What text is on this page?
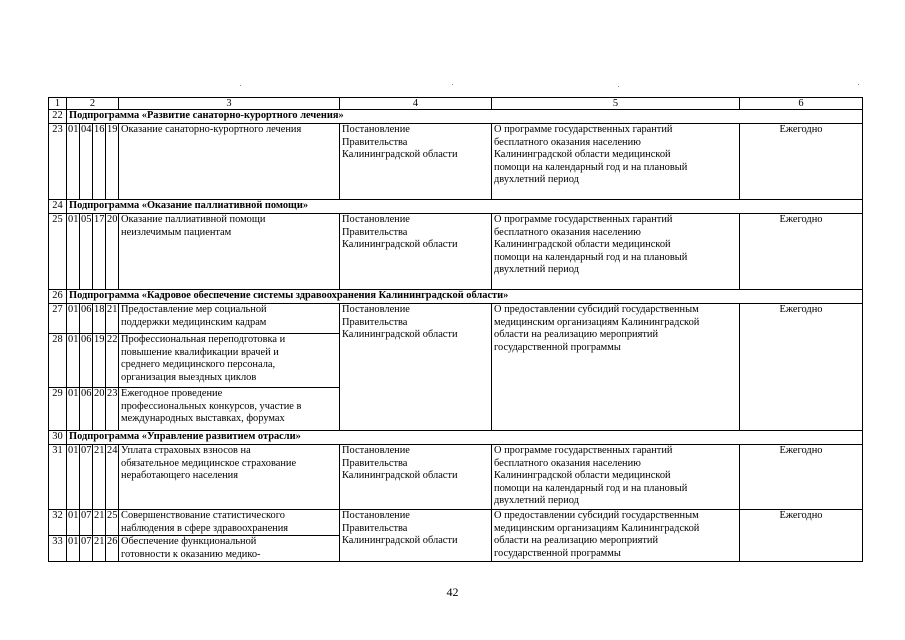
1	2				3	4	5	6
22	Подпрограмма «Развитие санаторно-курортного лечения»							
23	01	04	16	19	Оказание санаторно-курортного лечения	Постановление
Правительства
Калининградской области	О программе государственных гарантий
бесплатного оказания населению
Калининградской области медицинской
помощи на календарный год и на плановый
двухлетний период	Ежегодно
24	Подпрограмма «Оказание паллиативной помощи»							
25	01	05	17	20	Оказание паллиативной помощи
неизлечимым пациентам	Постановление
Правительства
Калининградской области	О программе государственных гарантий
бесплатного оказания населению
Калининградской области медицинской
помощи на календарный год и на плановый
двухлетний период	Ежегодно
26	Подпрограмма «Кадровое обеспечение системы здравоохранения Калининградской области»							
27	01	06	18	21	Предоставление мер социальной
поддержки медицинским кадрам	Постановление
Правительства
Калининградской области	О предоставлении субсидий государственным
медицинским организациям Калининградской
области на реализацию мероприятий
государственной программы	Ежегодно
28	01	06	19	22	Профессиональная переподготовка и
повышение квалификации врачей и
среднего медицинского персонала,
организация выездных циклов			
29	01	06	20	23	Ежегодное проведение
профессиональных конкурсов, участие в
международных выставках, форумах			
30	Подпрограмма «Управление развитием отрасли»							
31	01	07	21	24	Уплата страховых взносов на
обязательное медицинское страхование
неработающего населения	Постановление
Правительства
Калининградской области	О программе государственных гарантий
бесплатного оказания населению
Калининградской области медицинской
помощи на календарный год и на плановый
двухлетний период	Ежегодно
32	01	07	21	25	Совершенствование статистического
наблюдения в сфере здравоохранения	Постановление
Правительства
Калининградской области	О предоставлении субсидий государственным
медицинским организациям Калининградской
области на реализацию мероприятий
государственной программы	Ежегодно
33	01	07	21	26	Обеспечение функциональной
готовности к оказанию медико-			
42
